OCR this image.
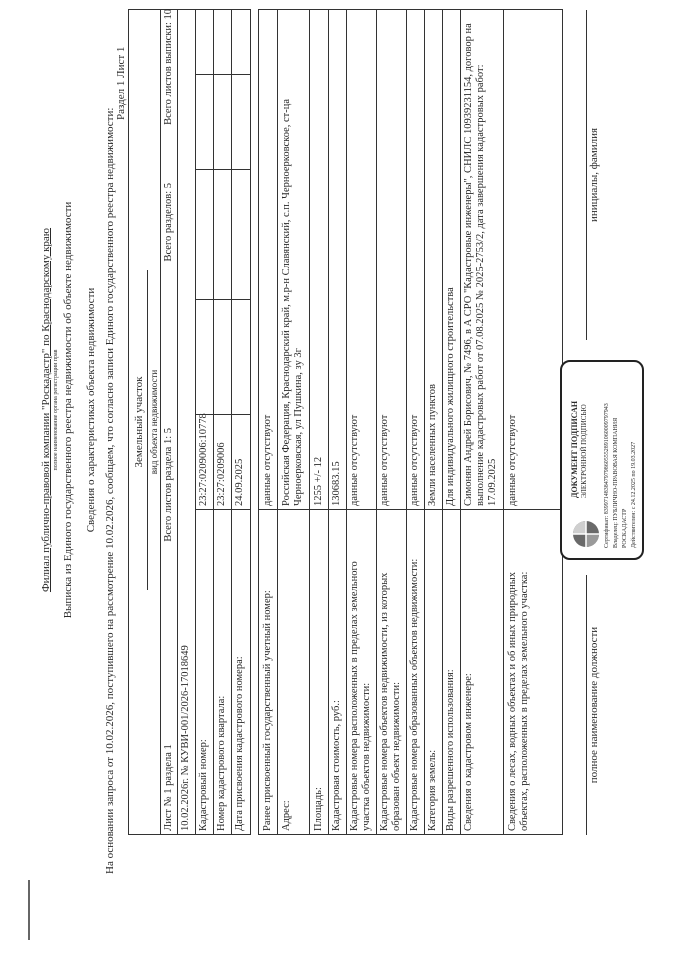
Филиал публично-правовой компании "Роскадастр" по Краснодарскому краю полное наименование органа регистрации прав Выписка из Единого государственного реестра недвижимости об объекте недвижимости Сведения о характеристиках объекта недвижимости На основании запроса от 10.02.2026, поступившего на рассмотрение 10.02.2026, сообщаем, что согласно записи Единого государственного реестра недвижимости:
Раздел 1 Лист 1
Земельный участок вид объекта недвижимости
Лист № 1 раздела 1
Всего листов раздела 1: 5
Всего разделов: 5
Всего листов выписки: 10
10.02.2026г. № КУВИ-001/2026-17018649 Кадастровый номер:
23:27:0209006:10778
Номер кадастрового квартала:
23:27:0209006
Дата присвоения кадастрового номера:
24.09.2025
Ранее присвоенный государственный учетный номер:
данные отсутствуют
Адрес:
Российская Федерация, Краснодарский край, м.р-н Славянский, с.п. Черноерковское, ст-ца Черноерковская, ул Пушкина, зу 3г
Площадь:
1255 +/- 12
Кадастровая стоимость, руб.:
130683.15
Кадастровые номера расположенных в пределах земельного участка объектов недвижимости:
данные отсутствуют
Кадастровые номера объектов недвижимости, из которых образован объект недвижимости:
данные отсутствуют
Кадастровые номера образованных объектов недвижимости:
данные отсутствуют
Категория земель:
Земли населенных пунктов
Виды разрешенного использования:
Для индивидуального жилищного строительства
Сведения о кадастровом инженере:
Симонян Андрей Борисович, № 7496, в А СРО "Кадастровые инженеры", СНИЛС 10939231154, договор на выполнение кадастровых работ от 07.08.2025 № 2025-2753/2, дата завершения кадастровых работ: 17.09.2025
Сведения о лесах, водных объектах и об иных природных объектах, расположенных в пределах земельного участка:
данные отсутствуют	ДОКУМЕНТ ПОДПИСАН ЭЛЕКТРОННОЙ ПОДПИСЬЮ	Сертификат: 8399714838479798605552891060009797943 Владелец: ПУБЛИЧНО-ПРАВОВАЯ КОМПАНИЯ РОСКАДАСТР Действителен: с 24.12.2025 по 19.03.2027
полное наименование должности
инициалы, фамилия
